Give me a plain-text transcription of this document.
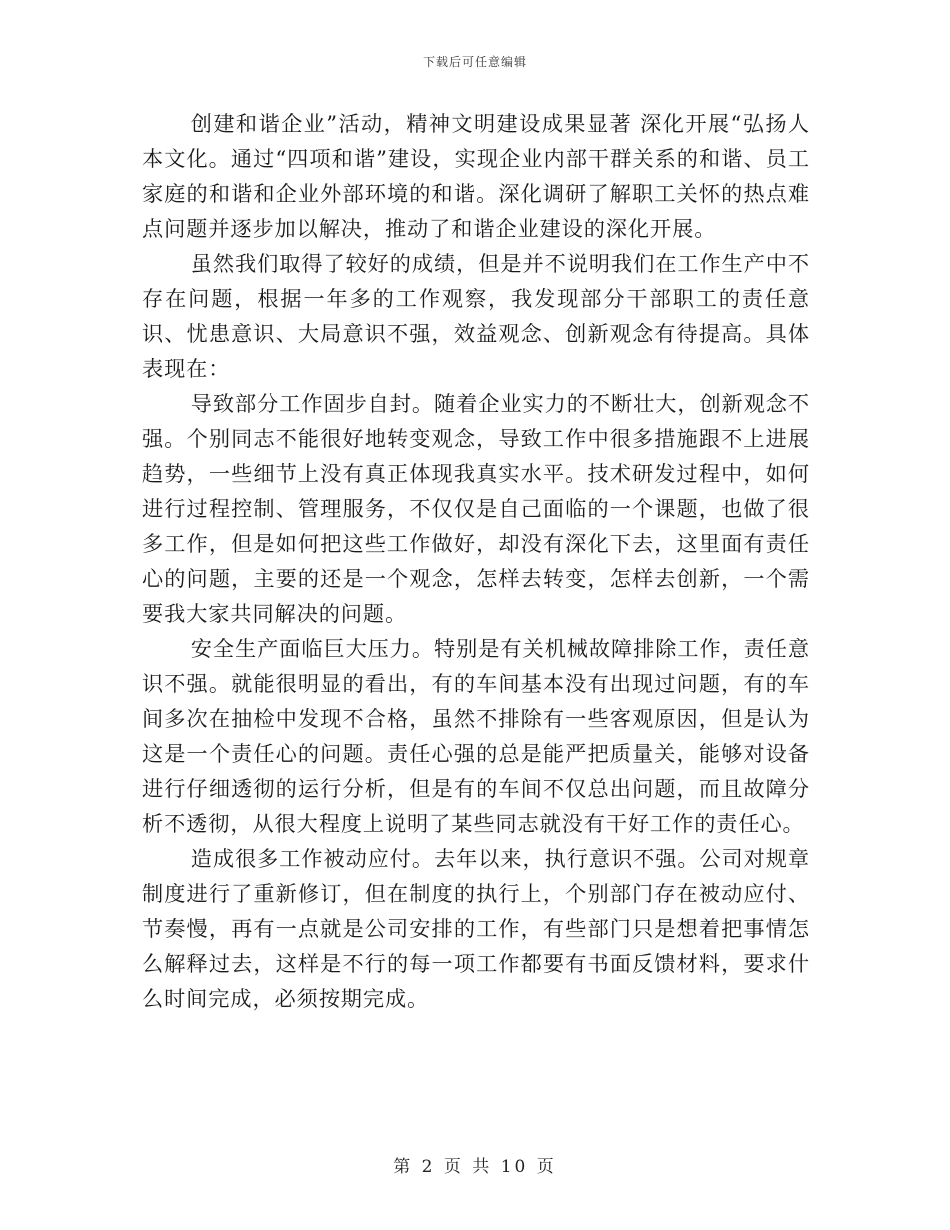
下载后可任意编辑

创建和谐企业”活动，精神文明建设成果显著 深化开展“弘扬人本文化。通过“四项和谐”建设，实现企业内部干群关系的和谐、员工家庭的和谐和企业外部环境的和谐。深化调研了解职工关怀的热点难点问题并逐步加以解决，推动了和谐企业建设的深化开展。

虽然我们取得了较好的成绩，但是并不说明我们在工作生产中不存在问题，根据一年多的工作观察，我发现部分干部职工的责任意识、忧患意识、大局意识不强，效益观念、创新观念有待提高。具体表现在：

导致部分工作固步自封。随着企业实力的不断壮大，创新观念不强。个别同志不能很好地转变观念，导致工作中很多措施跟不上进展趋势，一些细节上没有真正体现我真实水平。技术研发过程中，如何进行过程控制、管理服务，不仅仅是自己面临的一个课题，也做了很多工作，但是如何把这些工作做好，却没有深化下去，这里面有责任心的问题，主要的还是一个观念，怎样去转变，怎样去创新，一个需要我大家共同解决的问题。

安全生产面临巨大压力。特别是有关机械故障排除工作，责任意识不强。就能很明显的看出，有的车间基本没有出现过问题，有的车间多次在抽检中发现不合格，虽然不排除有一些客观原因，但是认为这是一个责任心的问题。责任心强的总是能严把质量关，能够对设备进行仔细透彻的运行分析，但是有的车间不仅总出问题，而且故障分析不透彻，从很大程度上说明了某些同志就没有干好工作的责任心。

造成很多工作被动应付。去年以来，执行意识不强。公司对规章制度进行了重新修订，但在制度的执行上，个别部门存在被动应付、节奏慢，再有一点就是公司安排的工作，有些部门只是想着把事情怎么解释过去，这样是不行的每一项工作都要有书面反馈材料，要求什么时间完成，必须按期完成。

第 2 页 共 10 页
